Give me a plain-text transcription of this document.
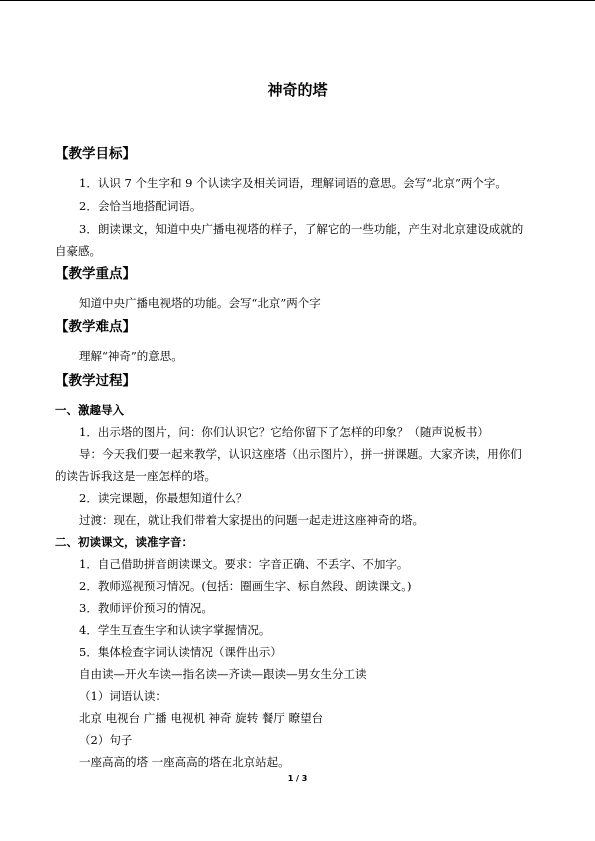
神奇的塔
【教学目标】
1．认识 7 个生字和 9 个认读字及相关词语，理解词语的意思。会写“北京”两个字。
2．会恰当地搭配词语。
3．朗读课文，知道中央广播电视塔的样子，了解它的一些功能，产生对北京建设成就的
自豪感。
【教学重点】
知道中央广播电视塔的功能。会写“北京”两个字
【教学难点】
理解“神奇”的意思。
【教学过程】
一、激趣导入
1．出示塔的图片，问：你们认识它？它给你留下了怎样的印象？（随声说板书）
导：今天我们要一起来教学，认识这座塔（出示图片），拼一拼课题。大家齐读，用你们
的读告诉我这是一座怎样的塔。
2．读完课题，你最想知道什么？
过渡：现在，就让我们带着大家提出的问题一起走进这座神奇的塔。
二、初读课文，读准字音：
1．自己借助拼音朗读课文。要求：字音正确、不丢字、不加字。
2．教师巡视预习情况。(包括：圈画生字、标自然段、朗读课文。)
3．教师评价预习的情况。
4．学生互查生字和认读字掌握情况。
5．集体检查字词认读情况（课件出示）
自由读—开火车读—指名读—齐读—跟读—男女生分工读
（1）词语认读：
北京 电视台 广播 电视机 神奇 旋转 餐厅 瞭望台
（2）句子
一座高高的塔 一座高高的塔在北京站起。
1 / 3
